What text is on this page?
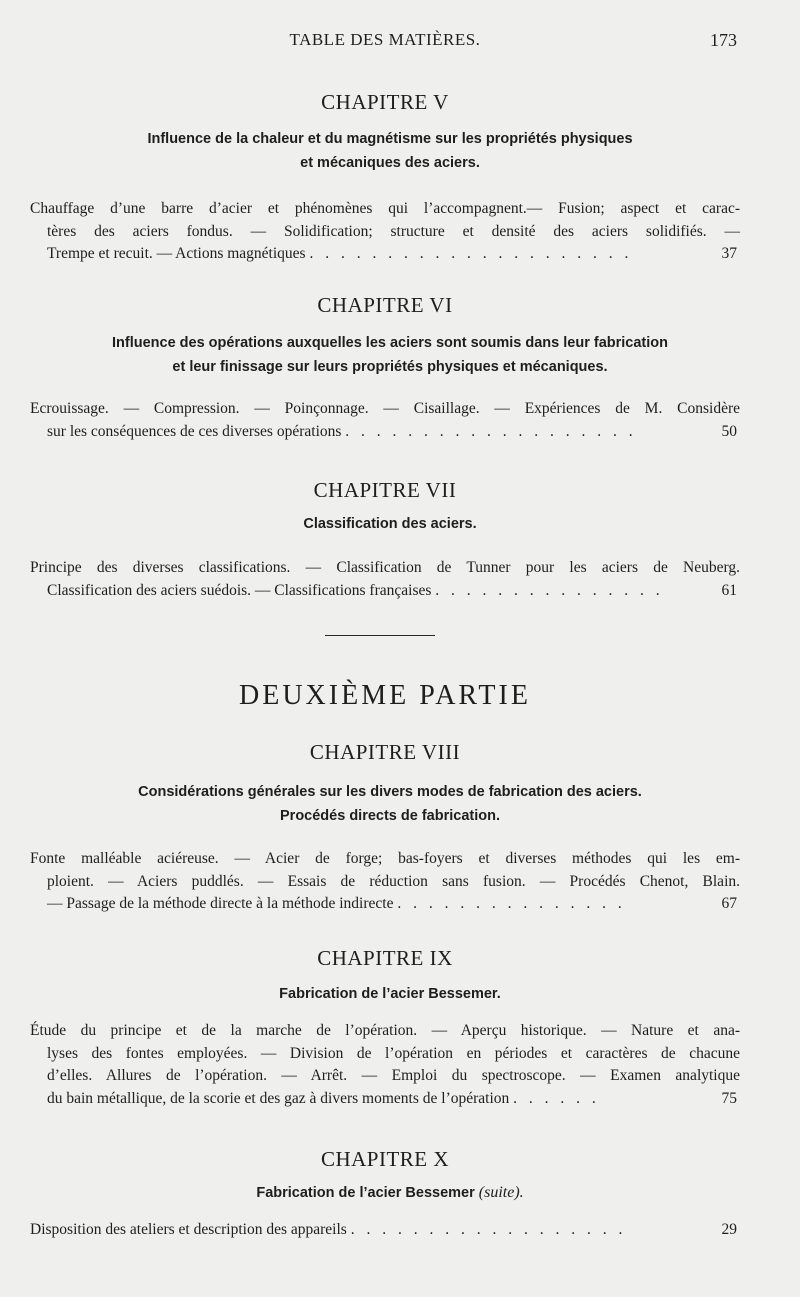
TABLE DES MATIÈRES.	173
CHAPITRE V
Influence de la chaleur et du magnétisme sur les propriétés physiques
et mécaniques des aciers.
Chauffage d’une barre d’acier et phénomènes qui l’accompagnent.— Fusion; aspect et carac-
tères des aciers fondus. — Solidification; structure et densité des aciers solidifiés. —
Trempe et recuit. — Actions magnétiques . . . . . . . . . . . . . . . . . . . . .	37
CHAPITRE VI
Influence des opérations auxquelles les aciers sont soumis dans leur fabrication
et leur finissage sur leurs propriétés physiques et mécaniques.
Ecrouissage. — Compression. — Poinçonnage. — Cisaillage. — Expériences de M. Considère
sur les conséquences de ces diverses opérations . . . . . . . . . . . . . . . . . . .	50
CHAPITRE VII
Classification des aciers.
Principe des diverses classifications. — Classification de Tunner pour les aciers de Neuberg.
Classification des aciers suédois. — Classifications françaises . . . . . . . . . . . . . . .	61
DEUXIÈME PARTIE
CHAPITRE VIII
Considérations générales sur les divers modes de fabrication des aciers.
Procédés directs de fabrication.
Fonte malléable aciéreuse. — Acier de forge; bas-foyers et diverses méthodes qui les em-
ploient. — Aciers puddlés. — Essais de réduction sans fusion. — Procédés Chenot, Blain.
— Passage de la méthode directe à la méthode indirecte . . . . . . . . . . . . . . .	67
CHAPITRE IX
Fabrication de l’acier Bessemer.
Étude du principe et de la marche de l’opération. — Aperçu historique. — Nature et ana-
lyses des fontes employées. — Division de l’opération en périodes et caractères de chacune
d’elles. Allures de l’opération. — Arrêt. — Emploi du spectroscope. — Examen analytique
du bain métallique, de la scorie et des gaz à divers moments de l’opération . . . . . .	75
CHAPITRE X
Fabrication de l’acier Bessemer (suite).
Disposition des ateliers et description des appareils . . . . . . . . . . . . . . . . . .	29
